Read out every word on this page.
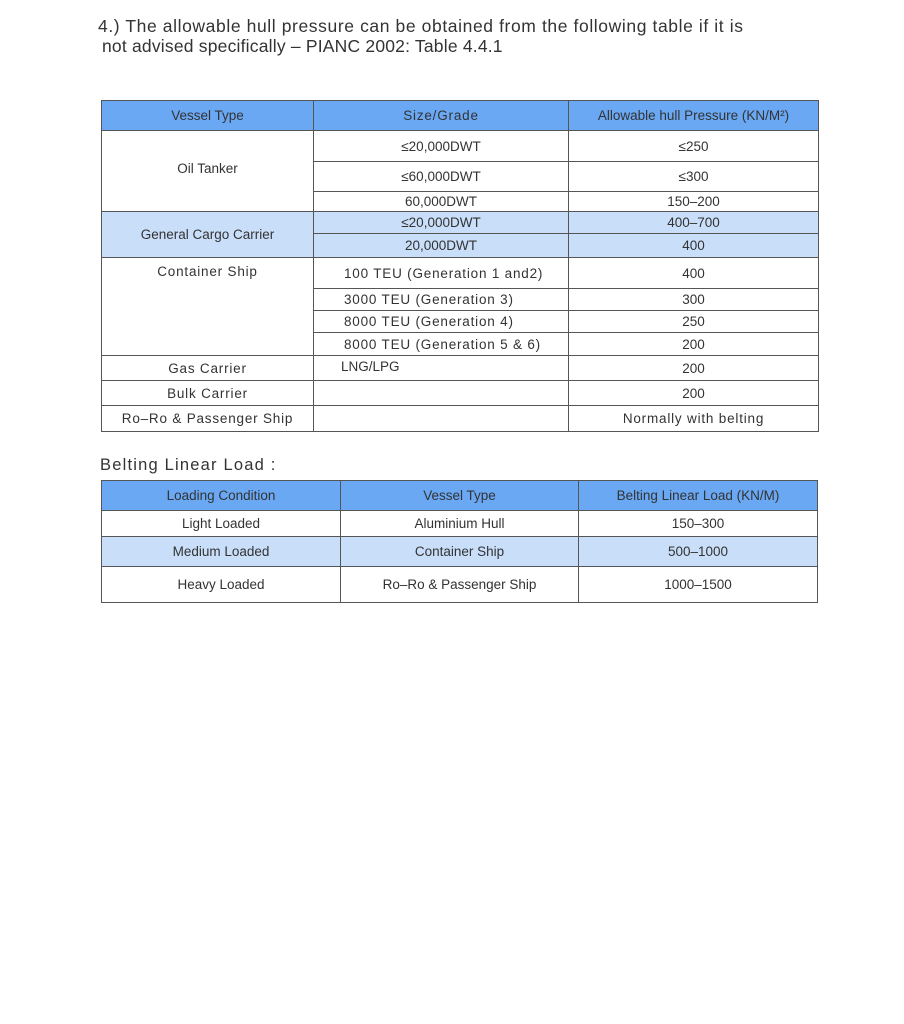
4.) The allowable hull pressure can be obtained from the following table if it is
not advised specifically – PIANC 2002: Table 4.4.1
Vessel Type	Size/Grade	Allowable hull Pressure (KN/M²)
Oil Tanker	≤20,000DWT	≤250
	≤60,000DWT	≤300
	60,000DWT	150–200
General Cargo Carrier	≤20,000DWT	400–700
	20,000DWT	400
Container Ship	100 TEU (Generation 1 and2)	400
	3000 TEU (Generation 3)	300
	8000 TEU (Generation 4)	250
	8000 TEU (Generation 5 & 6)	200
Gas Carrier	LNG/LPG	200
Bulk Carrier		200
Ro–Ro & Passenger Ship		Normally with belting
Belting Linear Load :
Loading Condition	Vessel Type	Belting Linear Load (KN/M)
Light Loaded	Aluminium Hull	150–300
Medium Loaded	Container Ship	500–1000
Heavy Loaded	Ro–Ro & Passenger Ship	1000–1500
